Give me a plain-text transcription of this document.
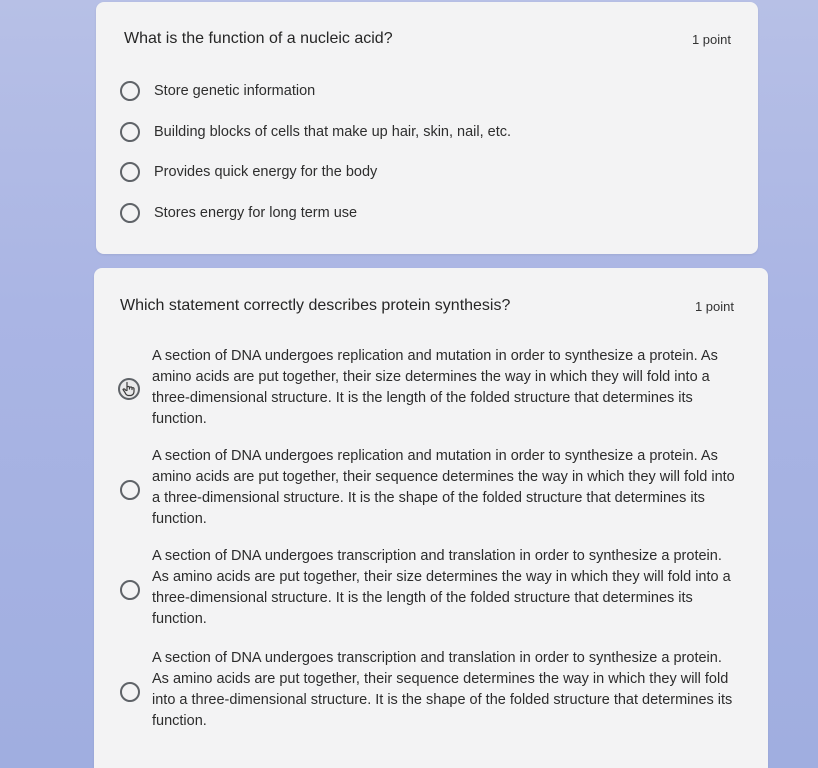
What is the function of a nucleic acid?	1 point
Store genetic information
Building blocks of cells that make up hair, skin, nail, etc.
Provides quick energy for the body
Stores energy for long term use
Which statement correctly describes protein synthesis?	1 point
A section of DNA undergoes replication and mutation in order to synthesize a protein. As amino acids are put together, their size determines the way in which they will fold into a three-dimensional structure. It is the length of the folded structure that determines its function.
A section of DNA undergoes replication and mutation in order to synthesize a protein. As amino acids are put together, their sequence determines the way in which they will fold into a three-dimensional structure. It is the shape of the folded structure that determines its function.
A section of DNA undergoes transcription and translation in order to synthesize a protein. As amino acids are put together, their size determines the way in which they will fold into a three-dimensional structure. It is the length of the folded structure that determines its function.
A section of DNA undergoes transcription and translation in order to synthesize a protein. As amino acids are put together, their sequence determines the way in which they will fold into a three-dimensional structure. It is the shape of the folded structure that determines its function.
